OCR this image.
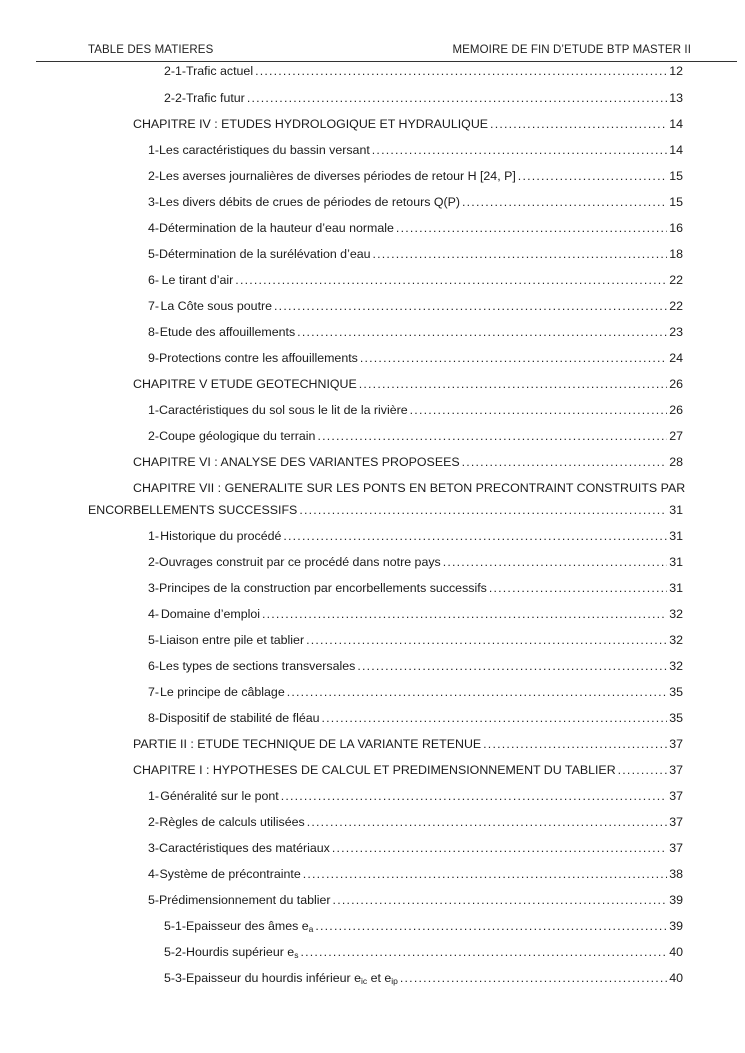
TABLE DES MATIERES	MEMOIRE DE FIN D’ETUDE BTP MASTER II
2-1- Trafic actuel .....	12
2-2- Trafic futur .....	13
CHAPITRE IV : ETUDES HYDROLOGIQUE ET HYDRAULIQUE .....	14
1- Les caractéristiques du bassin versant .....	14
2- Les averses journalières de diverses périodes de retour H [24, P] .....	15
3- Les divers débits de crues de périodes de retours Q(P) .....	15
4- Détermination de la hauteur d’eau normale .....	16
5- Détermination de la surélévation d’eau .....	18
6- Le tirant d’air .....	22
7- La Côte sous poutre .....	22
8- Etude des affouillements .....	23
9- Protections contre les affouillements .....	24
CHAPITRE V ETUDE GEOTECHNIQUE .....	26
1- Caractéristiques du sol sous le lit de la rivière .....	26
2- Coupe géologique du terrain .....	27
CHAPITRE VI : ANALYSE DES VARIANTES PROPOSEES .....	28
CHAPITRE VII : GENERALITE SUR LES PONTS EN BETON PRECONTRAINT CONSTRUITS PAR
ENCORBELLEMENTS SUCCESSIFS .....	31
1- Historique du procédé .....	31
2- Ouvrages construit par ce procédé dans notre pays .....	31
3- Principes de la construction par encorbellements successifs .....	31
4- Domaine d’emploi .....	32
5- Liaison entre pile et tablier .....	32
6- Les types de sections transversales .....	32
7- Le principe de câblage .....	35
8- Dispositif de stabilité de fléau .....	35
PARTIE II : ETUDE TECHNIQUE DE LA VARIANTE RETENUE .....	37
CHAPITRE I : HYPOTHESES DE CALCUL ET PREDIMENSIONNEMENT DU TABLIER .....	37
1- Généralité sur le pont .....	37
2- Règles de calculs utilisées .....	37
3- Caractéristiques des matériaux .....	37
4- Système de précontrainte .....	38
5- Prédimensionnement du tablier .....	39
5-1- Epaisseur des âmes $e_a$ .....	39
5-2- Hourdis supérieur $e_s$ .....	40
5-3- Epaisseur du hourdis inférieur $e_{ic}$ et $e_{ip}$ .....	40
